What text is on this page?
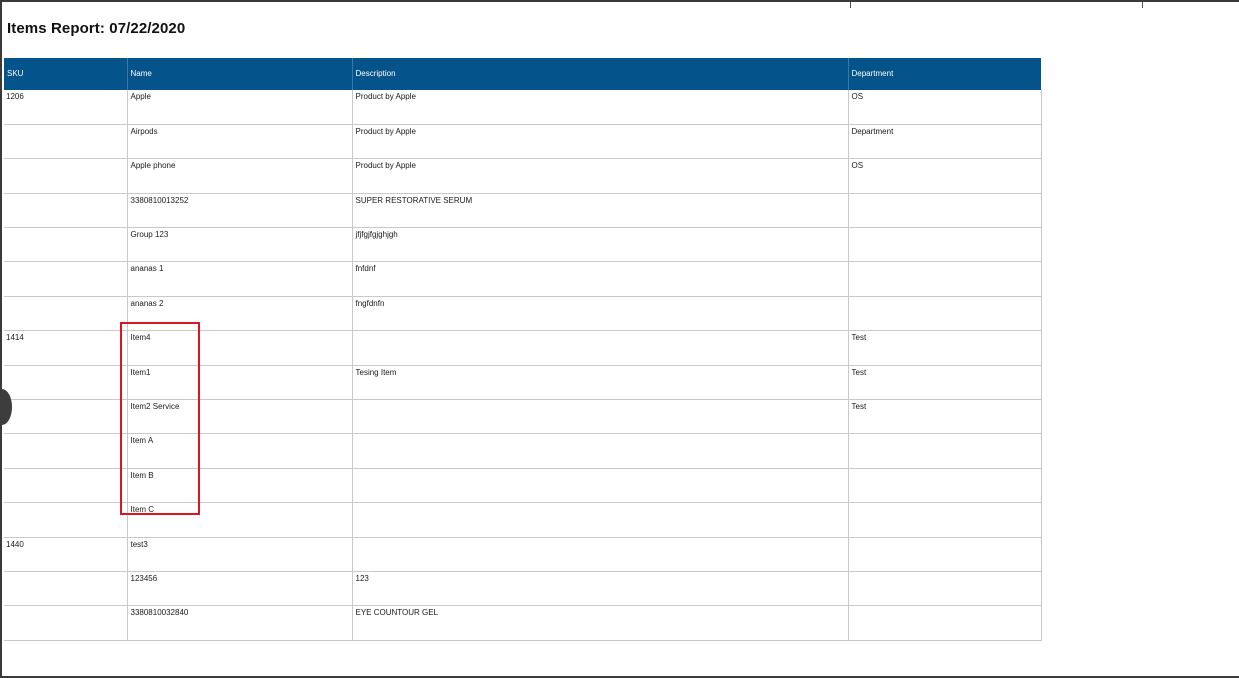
Items Report: 07/22/2020
SKU	Name	Description	Department
1206	Apple	Product by Apple	OS
	Airpods	Product by Apple	Department
	Apple phone	Product by Apple	OS
	3380810013252	SUPER RESTORATIVE SERUM	
	Group 123	jfjfgjfgjghjgh	
	ananas 1	fnfdnf	
	ananas 2	fngfdnfn	
1414	Item4		Test
	Item1	Tesing Item	Test
	Item2 Service		Test
	Item A		
	Item B		
	Item C		
1440	test3		
	123456	123	
	3380810032840	EYE COUNTOUR GEL	
